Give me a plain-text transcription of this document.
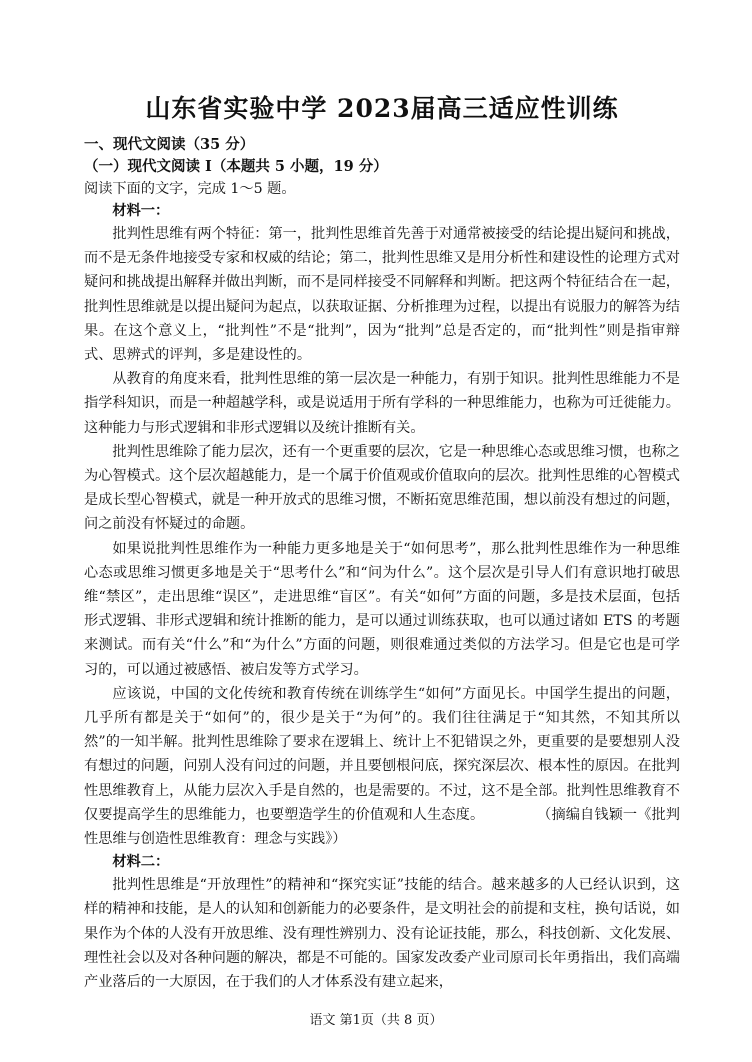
山东省实验中学 2023届高三适应性训练

一、现代文阅读（35 分）

（一）现代文阅读 I（本题共 5 小题，19 分）

阅读下面的文字，完成 1～5 题。

材料一：

批判性思维有两个特征：第一，批判性思维首先善于对通常被接受的结论提出疑问和挑战，而不是无条件地接受专家和权威的结论；第二，批判性思维又是用分析性和建设性的论理方式对疑问和挑战提出解释并做出判断，而不是同样接受不同解释和判断。把这两个特征结合在一起，批判性思维就是以提出疑问为起点，以获取证据、分析推理为过程，以提出有说服力的解答为结果。在这个意义上，“批判性”不是“批判”，因为“批判”总是否定的，而“批判性”则是指审辩式、思辨式的评判，多是建设性的。

从教育的角度来看，批判性思维的第一层次是一种能力，有别于知识。批判性思维能力不是指学科知识，而是一种超越学科，或是说适用于所有学科的一种思维能力，也称为可迁徙能力。这种能力与形式逻辑和非形式逻辑以及统计推断有关。

批判性思维除了能力层次，还有一个更重要的层次，它是一种思维心态或思维习惯，也称之为心智模式。这个层次超越能力，是一个属于价值观或价值取向的层次。批判性思维的心智模式是成长型心智模式，就是一种开放式的思维习惯，不断拓宽思维范围，想以前没有想过的问题，问之前没有怀疑过的命题。

如果说批判性思维作为一种能力更多地是关于“如何思考”，那么批判性思维作为一种思维心态或思维习惯更多地是关于“思考什么”和“问为什么”。这个层次是引导人们有意识地打破思维“禁区”，走出思维“误区”，走进思维“盲区”。有关“如何”方面的问题，多是技术层面，包括形式逻辑、非形式逻辑和统计推断的能力，是可以通过训练获取，也可以通过诸如 ETS 的考题来测试。而有关“什么”和“为什么”方面的问题，则很难通过类似的方法学习。但是它也是可学习的，可以通过被感悟、被启发等方式学习。

应该说，中国的文化传统和教育传统在训练学生“如何”方面见长。中国学生提出的问题，几乎所有都是关于“如何”的，很少是关于“为何”的。我们往往满足于“知其然，不知其所以然”的一知半解。批判性思维除了要求在逻辑上、统计上不犯错误之外，更重要的是要想别人没有想过的问题，问别人没有问过的问题，并且要刨根问底，探究深层次、根本性的原因。在批判性思维教育上，从能力层次入手是自然的，也是需要的。不过，这不是全部。批判性思维教育不仅要提高学生的思维能力，也要塑造学生的价值观和人生态度。	（摘编自钱颖一《批判性思维与创造性思维教育：理念与实践》）

材料二：

批判性思维是“开放理性”的精神和“探究实证”技能的结合。越来越多的人已经认识到，这样的精神和技能，是人的认知和创新能力的必要条件，是文明社会的前提和支柱，换句话说，如果作为个体的人没有开放思维、没有理性辨别力、没有论证技能，那么，科技创新、文化发展、理性社会以及对各种问题的解决，都是不可能的。国家发改委产业司原司长年勇指出，我们高端产业落后的一大原因，在于我们的人才体系没有建立起来，

语文 第1页（共 8 页）
